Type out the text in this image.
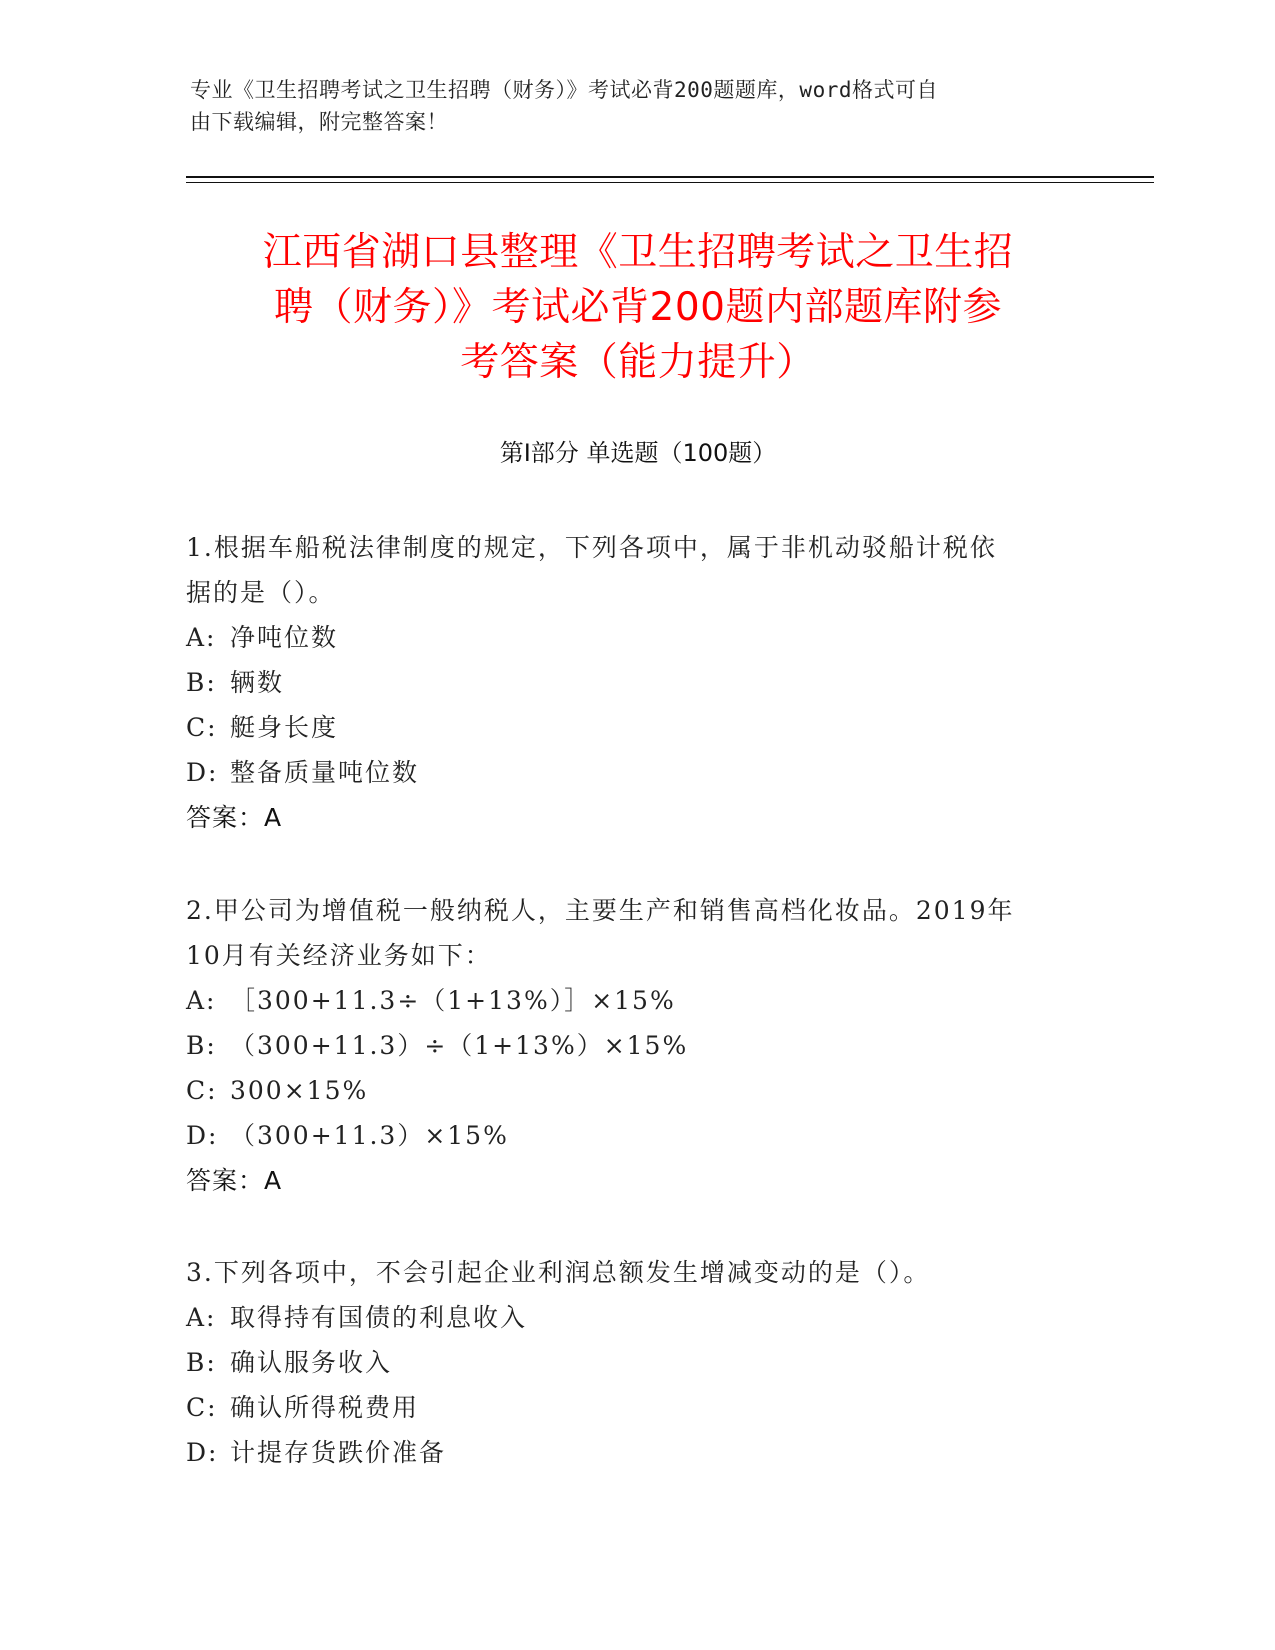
专业《卫生招聘考试之卫生招聘（财务）》考试必背200题题库，word格式可自
由下载编辑，附完整答案！
江西省湖口县整理《卫生招聘考试之卫生招
聘（财务）》考试必背200题内部题库附参
考答案（能力提升）
第Ⅰ部分 单选题（100题）
1.根据车船税法律制度的规定，下列各项中，属于非机动驳船计税依
据的是（）。
A: 净吨位数
B: 辆数
C: 艇身长度
D: 整备质量吨位数
答案：A
2.甲公司为增值税一般纳税人，主要生产和销售高档化妆品。2019年
10月有关经济业务如下：
A: ［300+11.3÷（1+13%）］×15%
B: （300+11.3）÷（1+13%）×15%
C: 300×15%
D: （300+11.3）×15%
答案：A
3.下列各项中，不会引起企业利润总额发生增减变动的是（）。
A: 取得持有国债的利息收入
B: 确认服务收入
C: 确认所得税费用
D: 计提存货跌价准备
